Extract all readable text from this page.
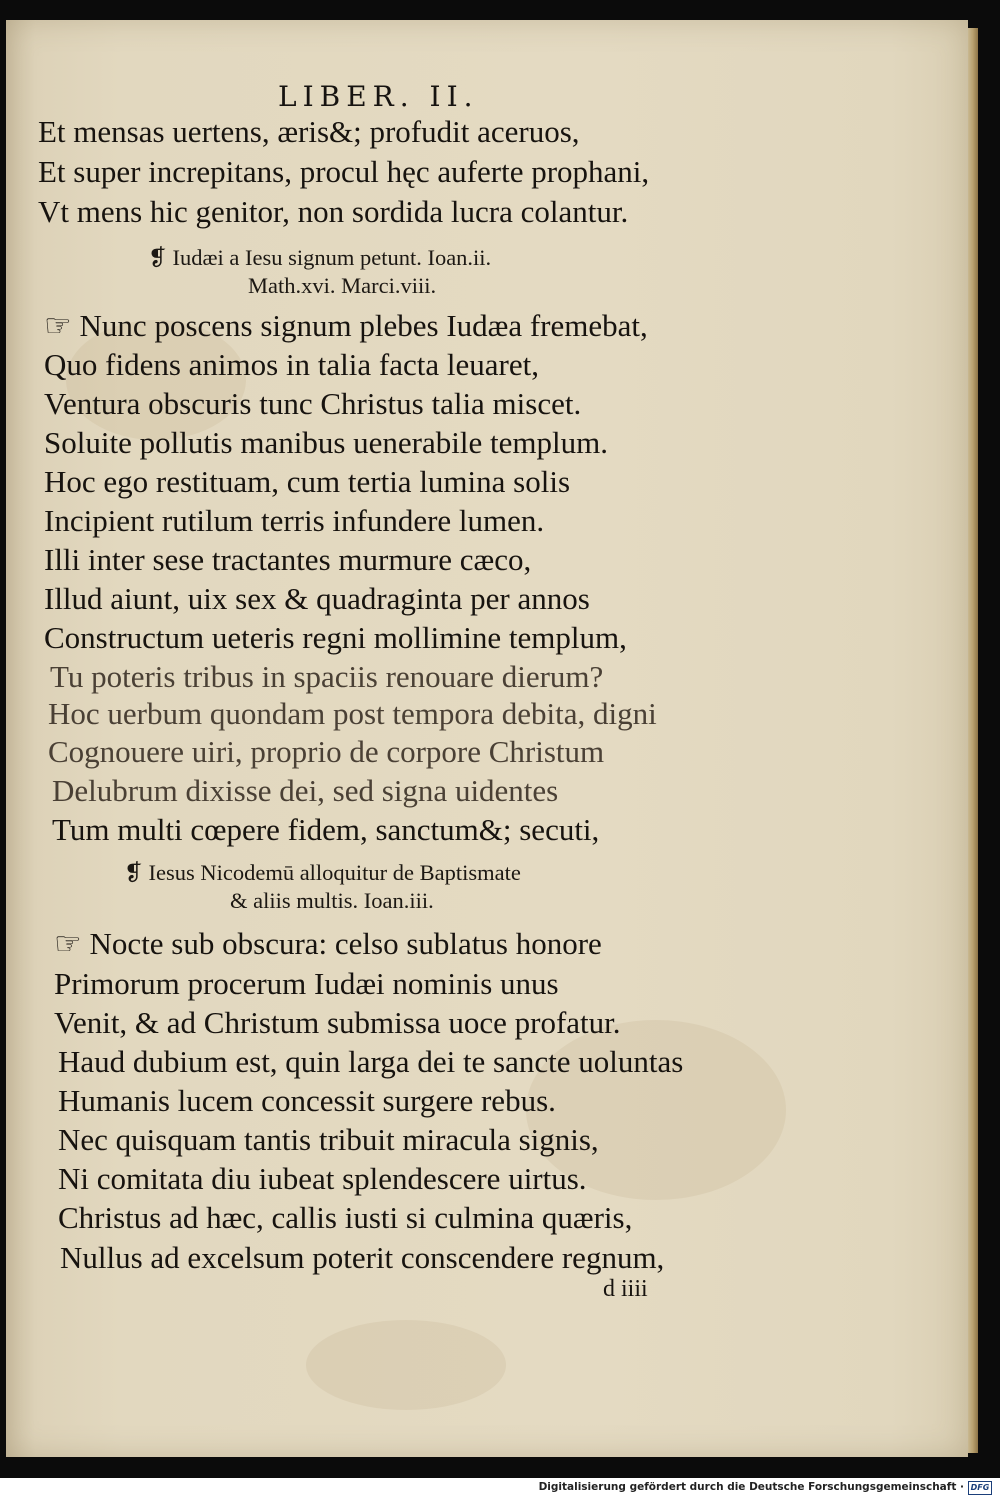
LIBER. II.
Et mensas uertens, æris&; profudit aceruos,
Et super increpitans, procul hęc auferte prophani,
Vt mens hic genitor, non sordida lucra colantur.
❡ Iudæi a Iesu signum petunt. Ioan.ii.
Math.xvi. Marci.viii.
☞ Nunc poscens signum plebes Iudæa fremebat,
Quo fidens animos in talia facta leuaret,
Ventura obscuris tunc Christus talia miscet.
Soluite pollutis manibus uenerabile templum.
Hoc ego restituam, cum tertia lumina solis
Incipient rutilum terris infundere lumen.
Illi inter sese tractantes murmure cæco,
Illud aiunt, uix sex & quadraginta per annos
Constructum ueteris regni mollimine templum,
Tu poteris tribus in spaciis renouare dierum?
Hoc uerbum quondam post tempora debita, digni
Cognouere uiri, proprio de corpore Christum
Delubrum dixisse dei, sed signa uidentes
Tum multi cœpere fidem, sanctum&; secuti,
❡ Iesus Nicodemū alloquitur de Baptismate
& aliis multis. Ioan.iii.
☞ Nocte sub obscura: celso sublatus honore
Primorum procerum Iudæi nominis unus
Venit, & ad Christum submissa uoce profatur.
Haud dubium est, quin larga dei te sancte uoluntas
Humanis lucem concessit surgere rebus.
Nec quisquam tantis tribuit miracula signis,
Ni comitata diu iubeat splendescere uirtus.
Christus ad hæc, callis iusti si culmina quæris,
Nullus ad excelsum poterit conscendere regnum,
d iiii
Digitalisierung gefördert durch die Deutsche Forschungsgemeinschaft · DFG
